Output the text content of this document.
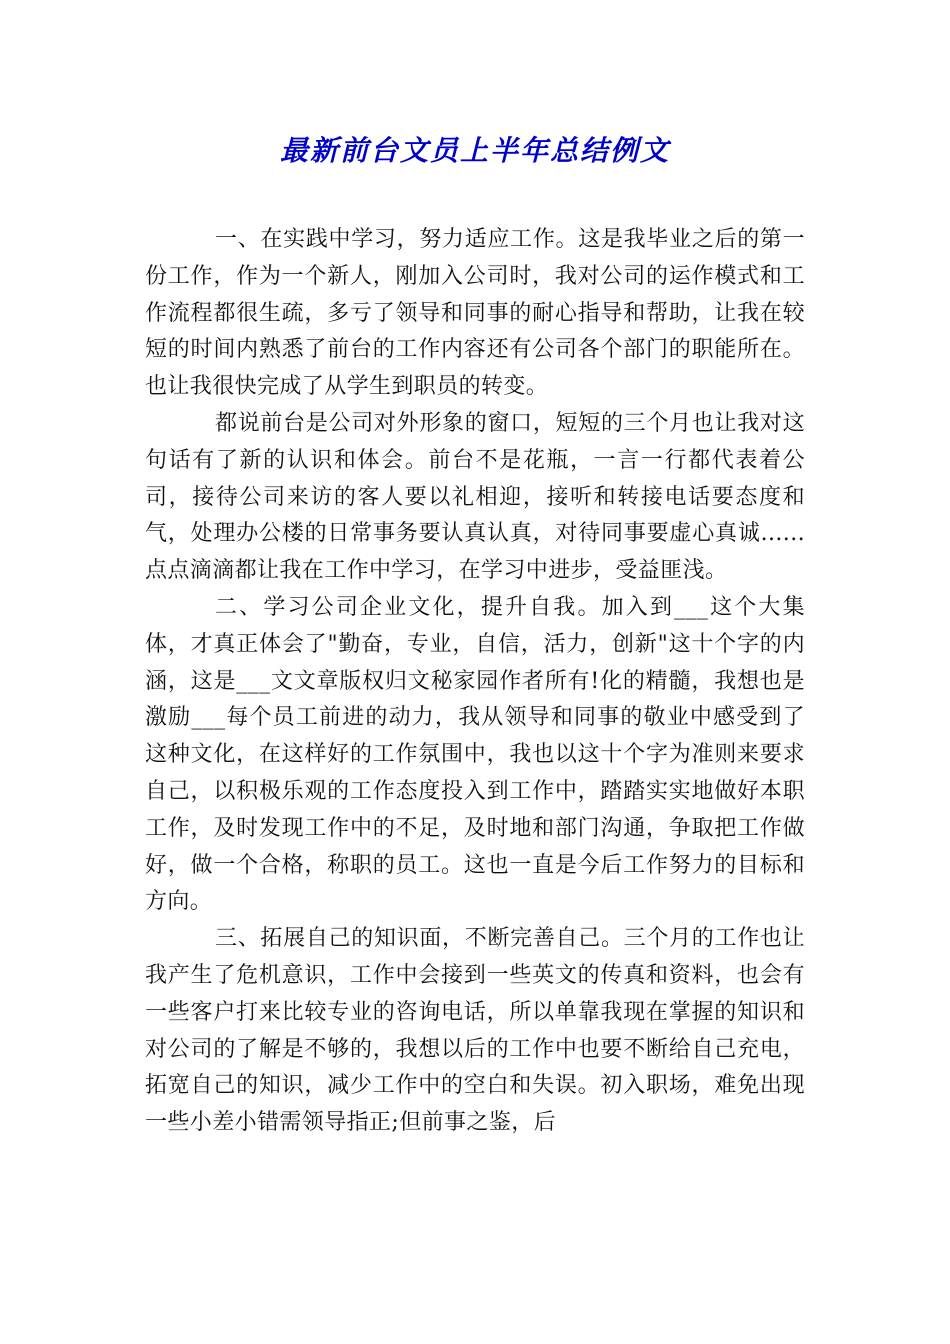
最新前台文员上半年总结例文

一、在实践中学习，努力适应工作。这是我毕业之后的第一份工作，作为一个新人，刚加入公司时，我对公司的运作模式和工作流程都很生疏，多亏了领导和同事的耐心指导和帮助，让我在较短的时间内熟悉了前台的工作内容还有公司各个部门的职能所在。也让我很快完成了从学生到职员的转变。

都说前台是公司对外形象的窗口，短短的三个月也让我对这句话有了新的认识和体会。前台不是花瓶，一言一行都代表着公司，接待公司来访的客人要以礼相迎，接听和转接电话要态度和气，处理办公楼的日常事务要认真认真，对待同事要虚心真诚......点点滴滴都让我在工作中学习，在学习中进步，受益匪浅。

二、学习公司企业文化，提升自我。加入到___这个大集体，才真正体会了"勤奋，专业，自信，活力，创新"这十个字的内涵，这是___文文章版权归文秘家园作者所有!化的精髓，我想也是激励___每个员工前进的动力，我从领导和同事的敬业中感受到了这种文化，在这样好的工作氛围中，我也以这十个字为准则来要求自己，以积极乐观的工作态度投入到工作中，踏踏实实地做好本职工作，及时发现工作中的不足，及时地和部门沟通，争取把工作做好，做一个合格，称职的员工。这也一直是今后工作努力的目标和方向。

三、拓展自己的知识面，不断完善自己。三个月的工作也让我产生了危机意识，工作中会接到一些英文的传真和资料，也会有一些客户打来比较专业的咨询电话，所以单靠我现在掌握的知识和对公司的了解是不够的，我想以后的工作中也要不断给自己充电，拓宽自己的知识，减少工作中的空白和失误。初入职场，难免出现一些小差小错需领导指正;但前事之鉴，后
